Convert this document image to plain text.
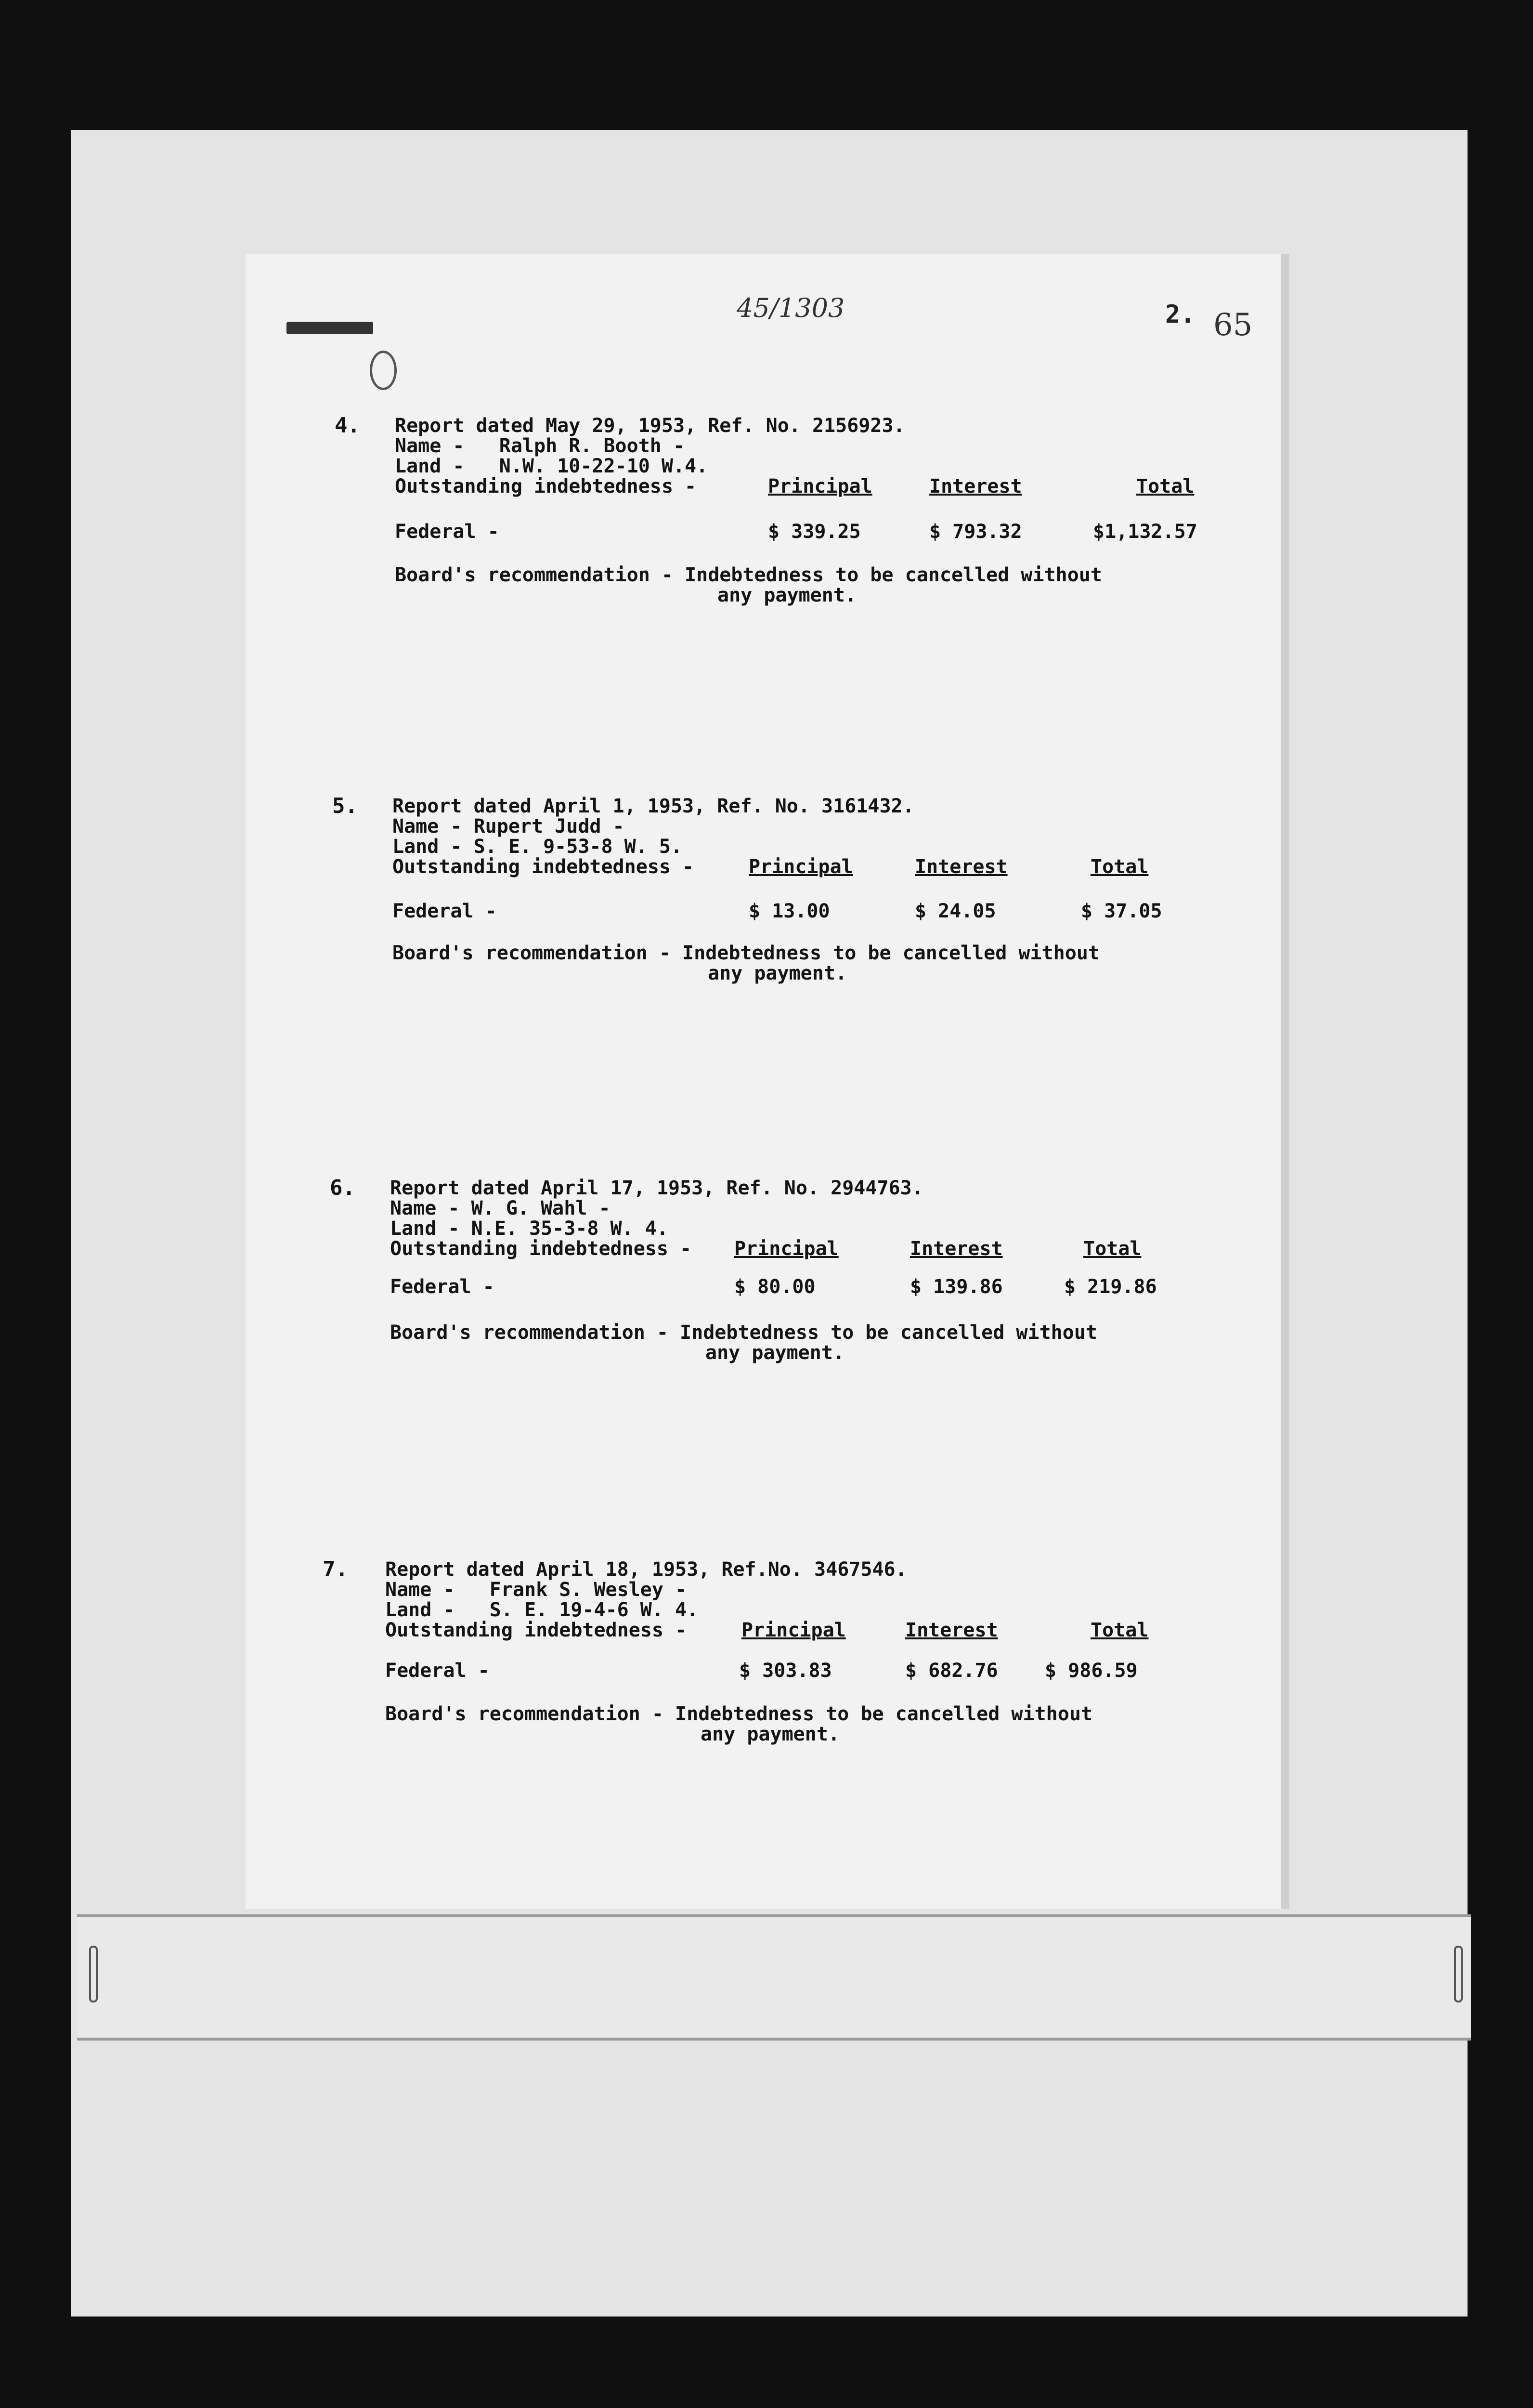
45/1303	2. 65
4. Report dated May 29, 1953, Ref. No. 2156923.
Name -   Ralph R. Booth -
Land -   N.W. 10-22-10 W.4.
Outstanding indebtedness -	Principal	Interest	Total
Federal -	$ 339.25	$ 793.32	$1,132.57
Board's recommendation - Indebtedness to be cancelled without
any payment.
5. Report dated April 1, 1953, Ref. No. 3161432.
Name - Rupert Judd -
Land - S. E. 9-53-8 W. 5.
Outstanding indebtedness -	Principal	Interest	Total
Federal -	$ 13.00	$ 24.05	$ 37.05
Board's recommendation - Indebtedness to be cancelled without
any payment.
6. Report dated April 17, 1953, Ref. No. 2944763.
Name - W. G. Wahl -
Land - N.E. 35-3-8 W. 4.
Outstanding indebtedness - Principal	Interest	Total
Federal -	$ 80.00	$ 139.86	$ 219.86
Board's recommendation - Indebtedness to be cancelled without
any payment.
7. Report dated April 18, 1953, Ref.No. 3467546.
Name -   Frank S. Wesley -
Land -   S. E. 19-4-6 W. 4.
Outstanding indebtedness -	Principal	Interest	Total
Federal -	$ 303.83	$ 682.76 $ 986.59
Board's recommendation - Indebtedness to be cancelled without
any payment.
